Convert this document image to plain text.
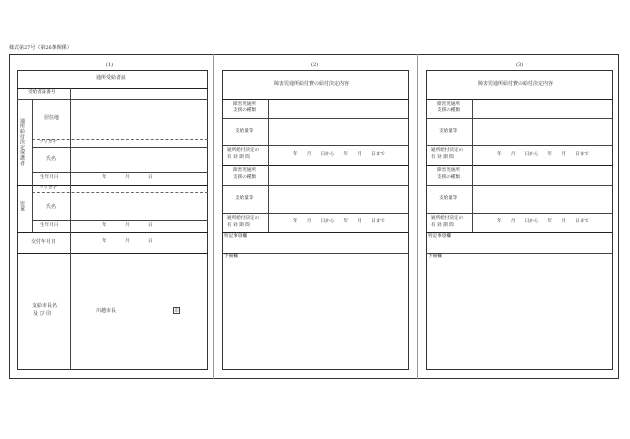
様式第27号（第26条関係）
(1)
通所受給者証
受給者証番号
通所給付決定保護者	居住地
フリガナ
氏名
生年月日	年	月	日
児童
フリガナ
氏名
生年月日	年	月	日
交付年月日	年	月	日
支給市長名
及 び 印	川越市長	印
(2)
障害児通所給付費の給付決定内容
障害児通所
支援の種類
支給量等
通所給付決定の
有 効 期 間
年　　月　　日から　　年　　月　　日まで
障害児通所
支援の種類
支給量等
通所給付決定の
有 効 期 間
年　　月　　日から　　年　　月　　日まで
特記事項欄
予備欄
(3)
障害児通所給付費の給付決定内容
障害児通所
支援の種類
支給量等
通所給付決定の
有 効 期 間
年　　月　　日から　　年　　月　　日まで
障害児通所
支援の種類
支給量等
通所給付決定の
有 効 期 間
年　　月　　日から　　年　　月　　日まで
特記事項欄
予備欄
